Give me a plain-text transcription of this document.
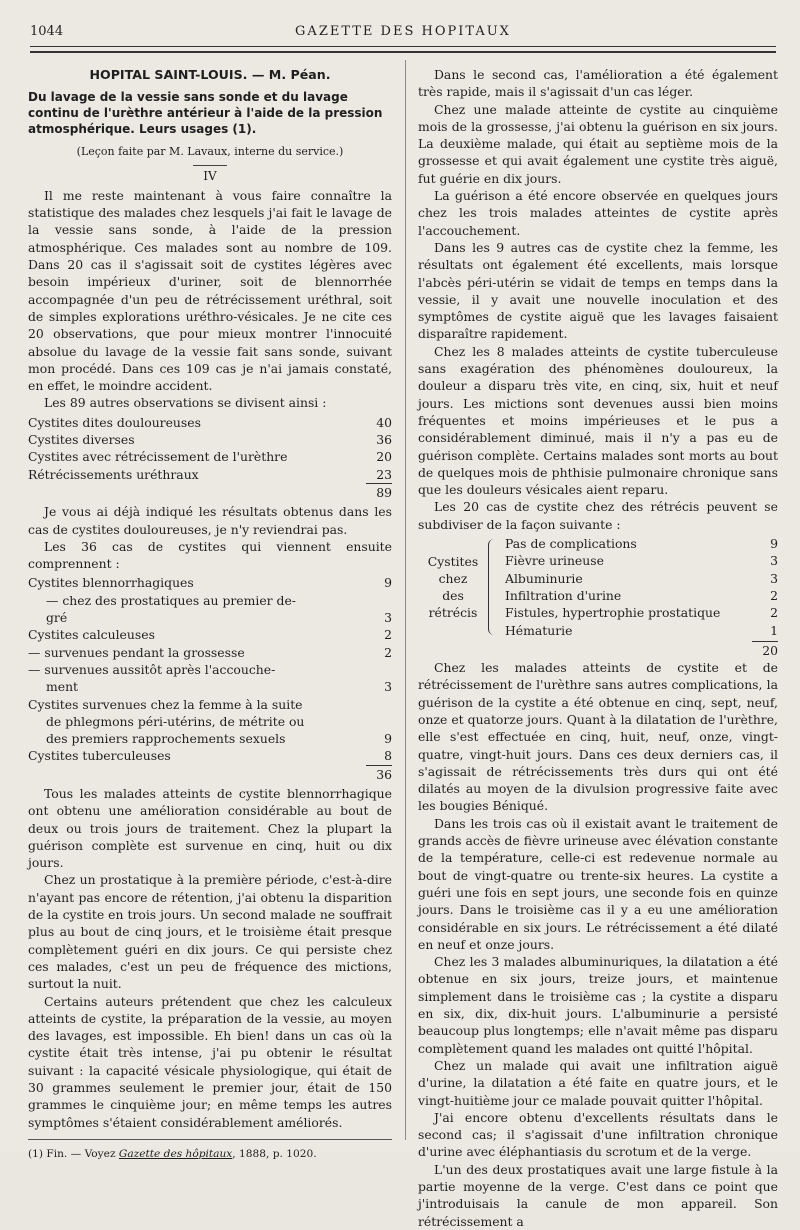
1044	GAZETTE DES HOPITAUX
HOPITAL SAINT-LOUIS. — M. Péan.
Du lavage de la vessie sans sonde et du lavage continu de l'urèthre antérieur à l'aide de la pression atmosphérique. Leurs usages (1).
(Leçon faite par M. Lavaux, interne du service.)
IV

Il me reste maintenant à vous faire connaître la statistique des malades chez lesquels j'ai fait le lavage de la vessie sans sonde, à l'aide de la pression atmosphérique. Ces malades sont au nombre de 109. Dans 20 cas il s'agissait soit de cystites légères avec besoin impérieux d'uriner, soit de blennorrhée accompagnée d'un peu de rétrécissement uréthral, soit de simples explorations uréthro-vésicales. Je ne cite ces 20 observations, que pour mieux montrer l'innocuité absolue du lavage de la vessie fait sans sonde, suivant mon procédé. Dans ces 109 cas je n'ai jamais constaté, en effet, le moindre accident.

Les 89 autres observations se divisent ainsi :

Cystites dites douloureuses	40
Cystites diverses	36
Cystites avec rétrécissement de l'urèthre	20
Rétrécissements uréthraux	23
89

Je vous ai déjà indiqué les résultats obtenus dans les cas de cystites douloureuses, je n'y reviendrai pas.

Les 36 cas de cystites qui viennent ensuite comprennent :

Cystites blennorrhagiques	9
— chez des prostatiques au premier de-
gré	3
Cystites calculeuses	2
— survenues pendant la grossesse	2
— survenues aussitôt après l'accouche-
ment	3
Cystites survenues chez la femme à la suite
de phlegmons péri-utérins, de métrite ou
des premiers rapprochements sexuels	9
Cystites tuberculeuses	8
36

Tous les malades atteints de cystite blennorrhagique ont obtenu une amélioration considérable au bout de deux ou trois jours de traitement. Chez la plupart la guérison complète est survenue en cinq, huit ou dix jours.

Chez un prostatique à la première période, c'est-à-dire n'ayant pas encore de rétention, j'ai obtenu la disparition de la cystite en trois jours. Un second malade ne souffrait plus au bout de cinq jours, et le troisième était presque complètement guéri en dix jours. Ce qui persiste chez ces malades, c'est un peu de fréquence des mictions, surtout la nuit.

Certains auteurs prétendent que chez les calculeux atteints de cystite, la préparation de la vessie, au moyen des lavages, est impossible. Eh bien! dans un cas où la cystite était très intense, j'ai pu obtenir le résultat suivant : la capacité vésicale physiologique, qui était de 30 grammes seulement le premier jour, était de 150 grammes le cinquième jour; en même temps les autres symptômes s'étaient considérablement améliorés.

(1) Fin. — Voyez Gazette des hôpitaux, 1888, p. 1020.

Dans le second cas, l'amélioration a été également très rapide, mais il s'agissait d'un cas léger.

Chez une malade atteinte de cystite au cinquième mois de la grossesse, j'ai obtenu la guérison en six jours. La deuxième malade, qui était au septième mois de la grossesse et qui avait également une cystite très aiguë, fut guérie en dix jours.

La guérison a été encore observée en quelques jours chez les trois malades atteintes de cystite après l'accouchement.

Dans les 9 autres cas de cystite chez la femme, les résultats ont également été excellents, mais lorsque l'abcès péri-utérin se vidait de temps en temps dans la vessie, il y avait une nouvelle inoculation et des symptômes de cystite aiguë que les lavages faisaient disparaître rapidement.

Chez les 8 malades atteints de cystite tuberculeuse sans exagération des phénomènes douloureux, la douleur a disparu très vite, en cinq, six, huit et neuf jours. Les mictions sont devenues aussi bien moins fréquentes et moins impérieuses et le pus a considérablement diminué, mais il n'y a pas eu de guérison complète. Certains malades sont morts au bout de quelques mois de phthisie pulmonaire chronique sans que les douleurs vésicales aient reparu.

Les 20 cas de cystite chez des rétrécis peuvent se subdiviser de la façon suivante :

Cystites
chez
des
rétrécis
Pas de complications	9
Fièvre urineuse	3
Albuminurie	3
Infiltration d'urine	2
Fistules, hypertrophie prostatique	2
Hématurie	1
20

Chez les malades atteints de cystite et de rétrécissement de l'urèthre sans autres complications, la guérison de la cystite a été obtenue en cinq, sept, neuf, onze et quatorze jours. Quant à la dilatation de l'urèthre, elle s'est effectuée en cinq, huit, neuf, onze, vingt-quatre, vingt-huit jours. Dans ces deux derniers cas, il s'agissait de rétrécissements très durs qui ont été dilatés au moyen de la divulsion progressive faite avec les bougies Béniqué.

Dans les trois cas où il existait avant le traitement de grands accès de fièvre urineuse avec élévation constante de la température, celle-ci est redevenue normale au bout de vingt-quatre ou trente-six heures. La cystite a guéri une fois en sept jours, une seconde fois en quinze jours. Dans le troisième cas il y a eu une amélioration considérable en six jours. Le rétrécissement a été dilaté en neuf et onze jours.

Chez les 3 malades albuminuriques, la dilatation a été obtenue en six jours, treize jours, et maintenue simplement dans le troisième cas ; la cystite a disparu en six, dix, dix-huit jours. L'albuminurie a persisté beaucoup plus longtemps; elle n'avait même pas disparu complètement quand les malades ont quitté l'hôpital.

Chez un malade qui avait une infiltration aiguë d'urine, la dilatation a été faite en quatre jours, et le vingt-huitième jour ce malade pouvait quitter l'hôpital.

J'ai encore obtenu d'excellents résultats dans le second cas; il s'agissait d'une infiltration chronique d'urine avec éléphantiasis du scrotum et de la verge.

L'un des deux prostatiques avait une large fistule à la partie moyenne de la verge. C'est dans ce point que j'introduisais la canule de mon appareil. Son rétrécissement a
